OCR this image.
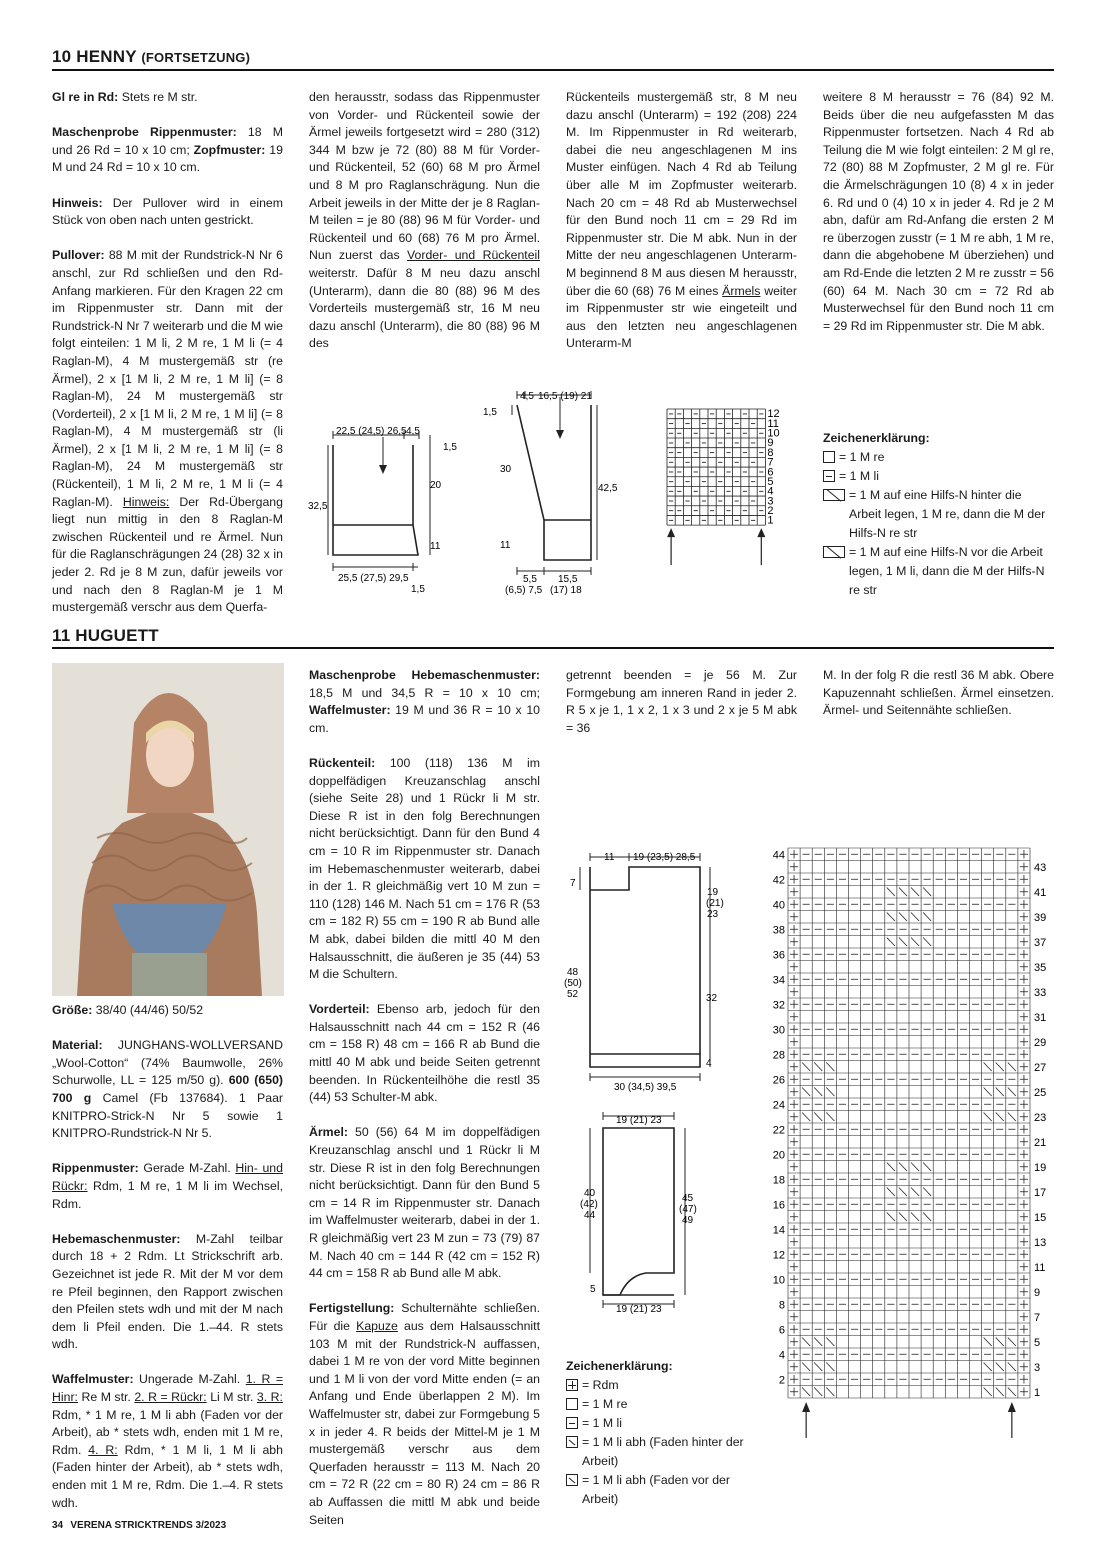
10 HENNY (FORTSETZUNG)

Gl re in Rd: Stets re M str.

Maschenprobe Rippenmuster: 18 M und 26 Rd = 10 x 10 cm; Zopfmuster: 19 M und 24 Rd = 10 x 10 cm.

Hinweis: Der Pullover wird in einem Stück von oben nach unten gestrickt.

Pullover: 88 M mit der Rundstrick-N Nr 6 anschl, zur Rd schließen und den Rd-Anfang markieren. Für den Kragen 22 cm im Rippenmuster str. Dann mit der Rundstrick-N Nr 7 weiterarb und die M wie folgt einteilen: 1 M li, 2 M re, 1 M li (= 4 Raglan-M), 4 M mustergemäß str (re Ärmel), 2 x [1 M li, 2 M re, 1 M li] (= 8 Raglan-M), 24 M mustergemäß str (Vorderteil), 2 x [1 M li, 2 M re, 1 M li] (= 8 Raglan-M), 4 M mustergemäß str (li Ärmel), 2 x [1 M li, 2 M re, 1 M li] (= 8 Raglan-M), 24 M mustergemäß str (Rückenteil), 1 M li, 2 M re, 1 M li (= 4 Raglan-M). Hinweis: Der Rd-Übergang liegt nun mittig in den 8 Raglan-M zwischen Rückenteil und re Ärmel. Nun für die Raglanschrägungen 24 (28) 32 x in jeder 2. Rd je 8 M zun, dafür jeweils vor und nach den 8 Raglan-M je 1 M mustergemäß verschr aus dem Querfa-

den herausstr, sodass das Rippenmuster von Vorder- und Rückenteil sowie der Ärmel jeweils fortgesetzt wird = 280 (312) 344 M bzw je 72 (80) 88 M für Vorder- und Rückenteil, 52 (60) 68 M pro Ärmel und 8 M pro Raglanschrägung. Nun die Arbeit jeweils in der Mitte der je 8 Raglan-M teilen = je 80 (88) 96 M für Vorder- und Rückenteil und 60 (68) 76 M pro Ärmel. Nun zuerst das Vorder- und Rückenteil weiterstr. Dafür 8 M neu dazu anschl (Unterarm), dann die 80 (88) 96 M des Vorderteils mustergemäß str, 16 M neu dazu anschl (Unterarm), die 80 (88) 96 M des
Rückenteils mustergemäß str, 8 M neu dazu anschl (Unterarm) = 192 (208) 224 M. Im Rippenmuster in Rd weiterarb, dabei die neu angeschlagenen M ins Muster einfügen. Nach 4 Rd ab Teilung über alle M im Zopfmuster weiterarb. Nach 20 cm = 48 Rd ab Musterwechsel für den Bund noch 11 cm = 29 Rd im Rippenmuster str. Die M abk. Nun in der Mitte der neu angeschlagenen Unterarm-M beginnend 8 M aus diesen M herausstr, über die 60 (68) 76 M eines Ärmels weiter im Rippenmuster str wie eingeteilt und aus den letzten neu angeschlagenen Unterarm-M
weitere 8 M herausstr = 76 (84) 92 M. Beids über die neu aufgefassten M das Rippenmuster fortsetzen. Nach 4 Rd ab Teilung die M wie folgt einteilen: 2 M gl re, 72 (80) 88 M Zopfmuster, 2 M gl re. Für die Ärmelschrägungen 10 (8) 4 x in jeder 6. Rd und 0 (4) 10 x in jeder 4. Rd je 2 M abn, dafür am Rd-Anfang die ersten 2 M re überzogen zusstr (= 1 M re abh, 1 M re, dann die abgehobene M überziehen) und am Rd-Ende die letzten 2 M re zusstr = 56 (60) 64 M. Nach 30 cm = 72 Rd ab Musterwechsel für den Bund noch 11 cm = 29 Rd im Rippenmuster str. Die M abk.
22,5 (24,5) 26,5 4,5
1,5
20
11
32,5
25,5 (27,5) 29,5
1,5
4,5 16,5 (19) 21
1,5
30
11
42,5
5,5
(6,5) 7,5
15,5
(17) 18
1
2
3
4
5
6
7
8
9
10
11
12
Zeichenerklärung:
= 1 M re
= 1 M li
= 1 M auf eine Hilfs-N hinter die Arbeit legen, 1 M re, dann die M der Hilfs-N re str
= 1 M auf eine Hilfs-N vor die Arbeit legen, 1 M li, dann die M der Hilfs-N re str
11 HUGUETT

Größe: 38/40 (44/46) 50/52

Material: JUNGHANS-WOLLVERSAND „Wool-Cotton“ (74% Baumwolle, 26% Schurwolle, LL = 125 m/50 g). 600 (650) 700 g Camel (Fb 137684). 1 Paar KNITPRO-Strick-N Nr 5 sowie 1 KNITPRO-Rundstrick-N Nr 5.

Rippenmuster: Gerade M-Zahl. Hin- und Rückr: Rdm, 1 M re, 1 M li im Wechsel, Rdm.

Hebemaschenmuster: M-Zahl teilbar durch 18 + 2 Rdm. Lt Strickschrift arb. Gezeichnet ist jede R. Mit der M vor dem re Pfeil beginnen, den Rapport zwischen den Pfeilen stets wdh und mit der M nach dem li Pfeil enden. Die 1.–44. R stets wdh.

Waffelmuster: Ungerade M-Zahl. 1. R = Hinr: Re M str. 2. R = Rückr: Li M str. 3. R: Rdm, * 1 M re, 1 M li abh (Faden vor der Arbeit), ab * stets wdh, enden mit 1 M re, Rdm. 4. R: Rdm, * 1 M li, 1 M li abh (Faden hinter der Arbeit), ab * stets wdh, enden mit 1 M re, Rdm. Die 1.–4. R stets wdh.

Maschenprobe Hebemaschenmuster: 18,5 M und 34,5 R = 10 x 10 cm; Waffelmuster: 19 M und 36 R = 10 x 10 cm.

Rückenteil: 100 (118) 136 M im doppelfädigen Kreuzanschlag anschl (siehe Seite 28) und 1 Rückr li M str. Diese R ist in den folg Berechnungen nicht berücksichtigt. Dann für den Bund 4 cm = 10 R im Rippenmuster str. Danach im Hebemaschenmuster weiterarb, dabei in der 1. R gleichmäßig vert 10 M zun = 110 (128) 146 M. Nach 51 cm = 176 R (53 cm = 182 R) 55 cm = 190 R ab Bund alle M abk, dabei bilden die mittl 40 M den Halsausschnitt, die äußeren je 35 (44) 53 M die Schultern.

Vorderteil: Ebenso arb, jedoch für den Halsausschnitt nach 44 cm = 152 R (46 cm = 158 R) 48 cm = 166 R ab Bund die mittl 40 M abk und beide Seiten getrennt beenden. In Rückenteilhöhe die restl 35 (44) 53 Schulter-M abk.

Ärmel: 50 (56) 64 M im doppelfädigen Kreuzanschlag anschl und 1 Rückr li M str. Diese R ist in den folg Berechnungen nicht berücksichtigt. Dann für den Bund 5 cm = 14 R im Rippenmuster str. Danach im Waffelmuster weiterarb, dabei in der 1. R gleichmäßig vert 23 M zun = 73 (79) 87 M. Nach 40 cm = 144 R (42 cm = 152 R) 44 cm = 158 R ab Bund alle M abk.

Fertigstellung: Schulternähte schließen. Für die Kapuze aus dem Halsausschnitt 103 M mit der Rundstrick-N auffassen, dabei 1 M re von der vord Mitte beginnen und 1 M li von der vord Mitte enden (= an Anfang und Ende überlappen 2 M). Im Waffelmuster str, dabei zur Formgebung 5 x in jeder 4. R beids der Mittel-M je 1 M mustergemäß verschr aus dem Querfaden herausstr = 113 M. Nach 20 cm = 72 R (22 cm = 80 R) 24 cm = 86 R ab Auffassen die mittl M abk und beide Seiten

getrennt beenden = je 56 M. Zur Formgebung am inneren Rand in jeder 2. R 5 x je 1, 1 x 2, 1 x 3 und 2 x je 5 M abk = 36
M. In der folg R die restl 36 M abk. Obere Kapuzennaht schließen. Ärmel einsetzen. Ärmel- und Seitennähte schließen.
11 19 (23,5) 28,5
7
19
(21)
23
48
(50)
52	32
4
30 (34,5) 39,5
19 (21) 23
40
(42)
44
45
(47)
49
5
19 (21) 23
Zeichenerklärung:
= Rdm
= 1 M re
= 1 M li
= 1 M li abh (Faden hinter der Arbeit)
= 1 M li abh (Faden vor der Arbeit)
2
4
6
8
10
12
14
16
18
20
22
24
26
28
30
32
34
36
38
40
42
44
1
3
5
7
9
11
13
15
17
19
21
23
25
27
29
31
33
35
37
39
41
43
34 VERENA STRICKTRENDS 3/2023
